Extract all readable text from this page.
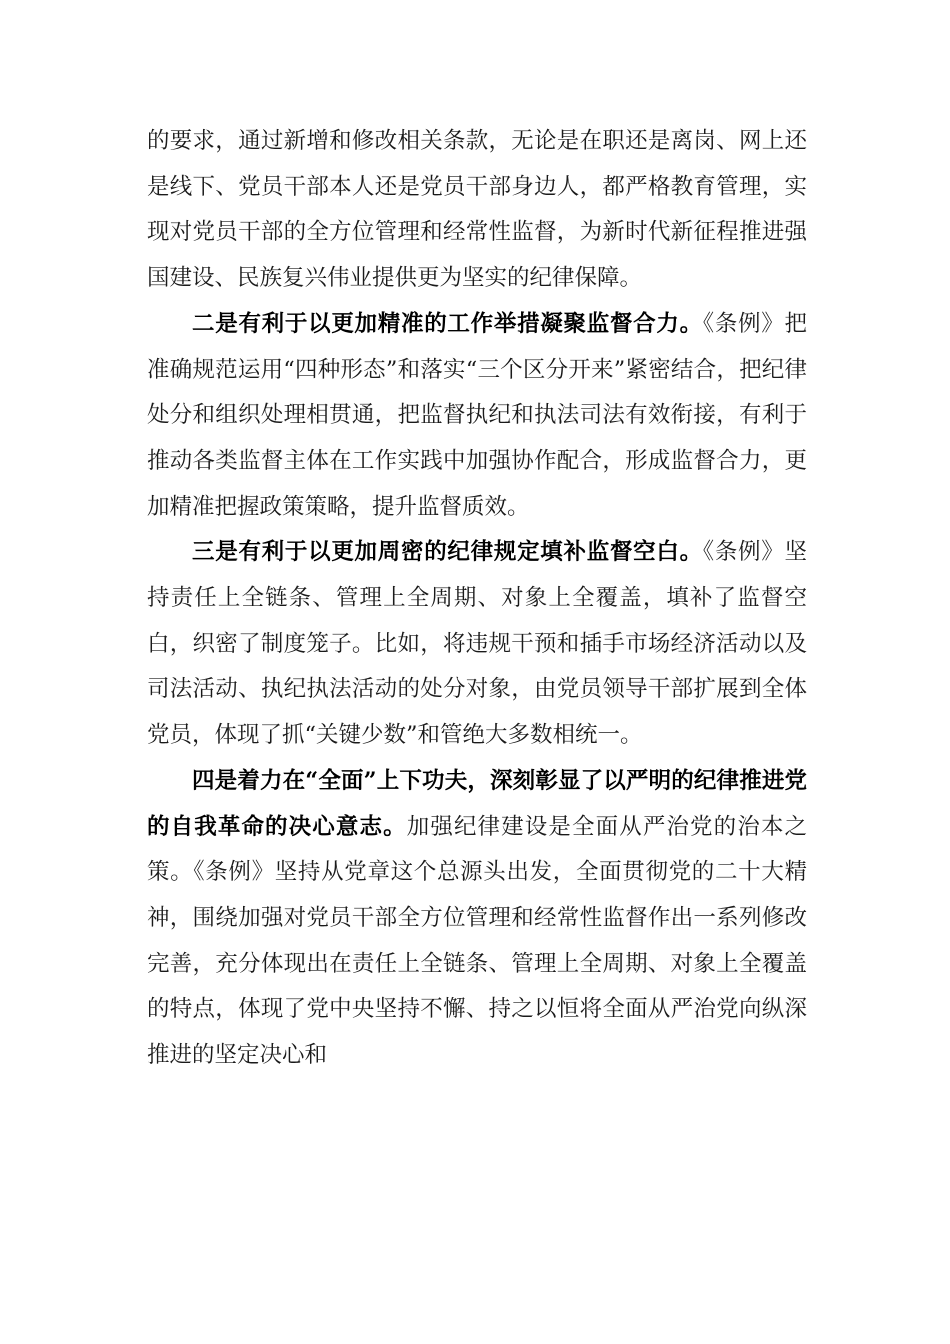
的要求，通过新增和修改相关条款，无论是在职还是离岗、网上还是线下、党员干部本人还是党员干部身边人，都严格教育管理，实现对党员干部的全方位管理和经常性监督，为新时代新征程推进强国建设、民族复兴伟业提供更为坚实的纪律保障。

二是有利于以更加精准的工作举措凝聚监督合力。《条例》把准确规范运用“四种形态”和落实“三个区分开来”紧密结合，把纪律处分和组织处理相贯通，把监督执纪和执法司法有效衔接，有利于推动各类监督主体在工作实践中加强协作配合，形成监督合力，更加精准把握政策策略，提升监督质效。

三是有利于以更加周密的纪律规定填补监督空白。《条例》坚持责任上全链条、管理上全周期、对象上全覆盖，填补了监督空白，织密了制度笼子。比如，将违规干预和插手市场经济活动以及司法活动、执纪执法活动的处分对象，由党员领导干部扩展到全体党员，体现了抓“关键少数”和管绝大多数相统一。

四是着力在“全面”上下功夫，深刻彰显了以严明的纪律推进党的自我革命的决心意志。加强纪律建设是全面从严治党的治本之策。《条例》坚持从党章这个总源头出发，全面贯彻党的二十大精神，围绕加强对党员干部全方位管理和经常性监督作出一系列修改完善，充分体现出在责任上全链条、管理上全周期、对象上全覆盖的特点，体现了党中央坚持不懈、持之以恒将全面从严治党向纵深推进的坚定决心和
